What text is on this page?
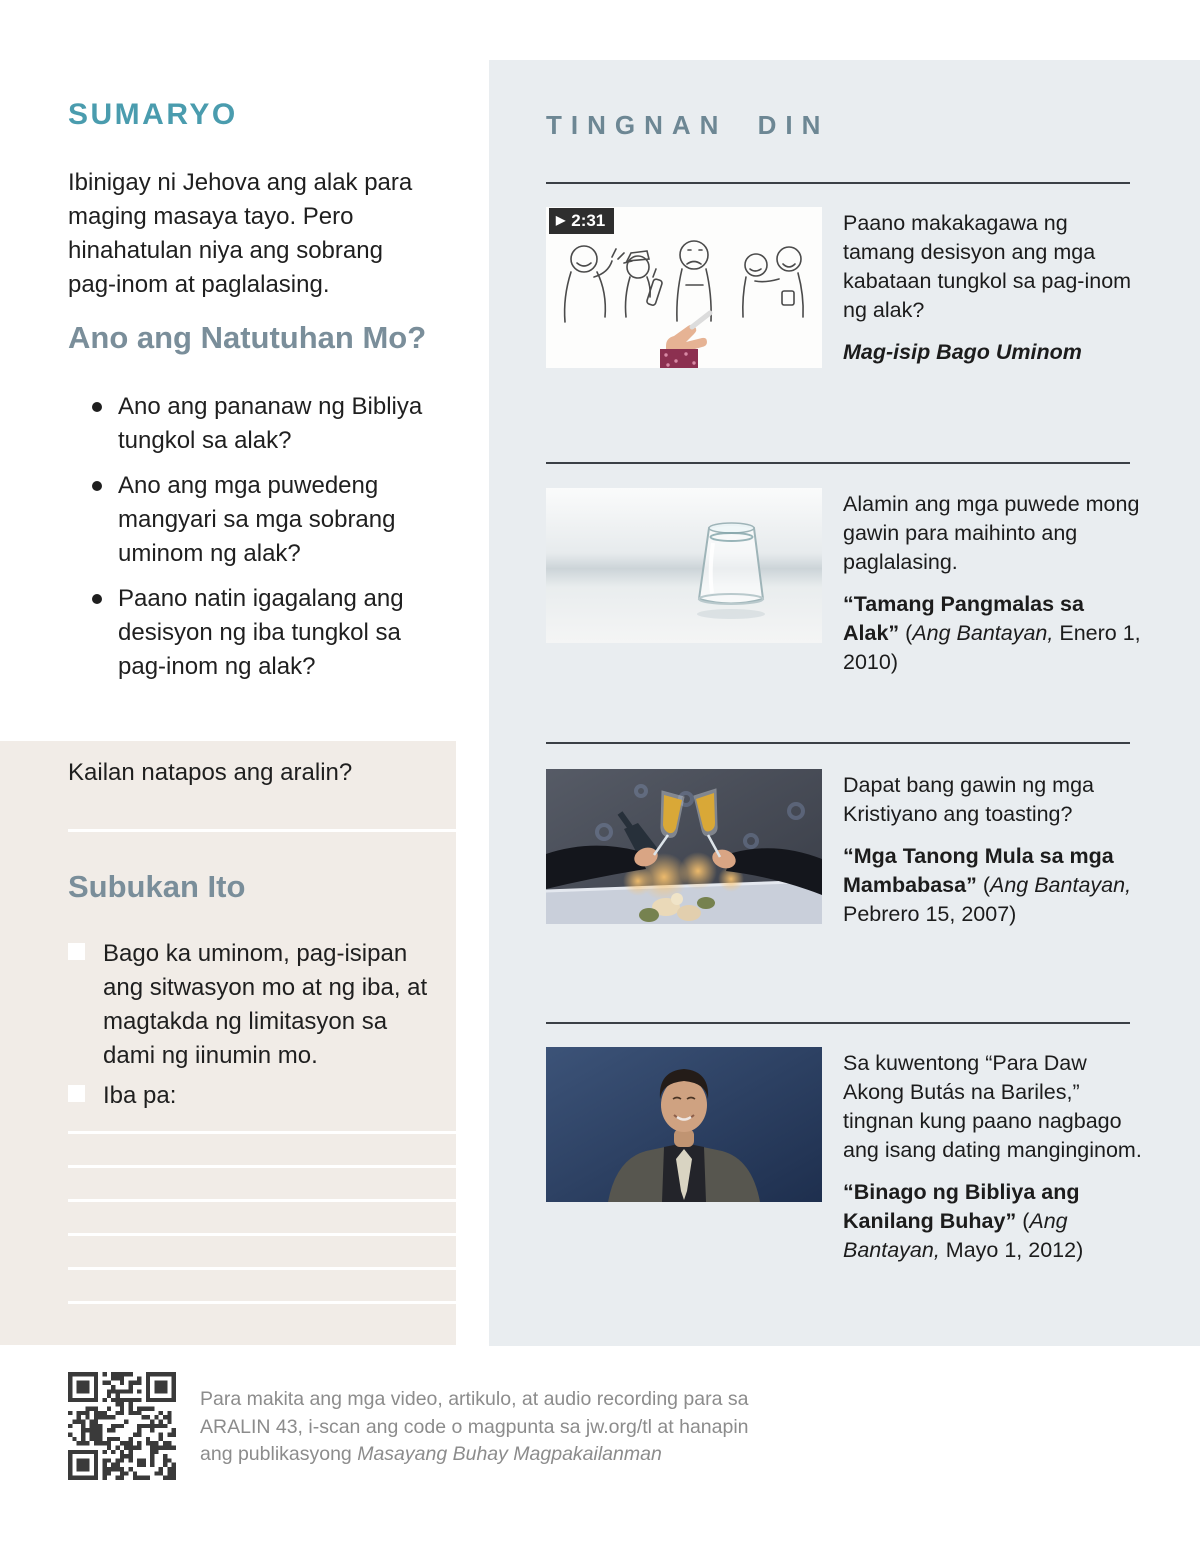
SUMARYO

Ibinigay ni Jehova ang alak para maging masaya tayo. Pero hinahatulan niya ang sobrang pag-inom at paglalasing.

Ano ang Natutuhan Mo?
Ano ang pananaw ng Bibliya tungkol sa alak?
Ano ang mga puwedeng mangyari sa mga sobrang uminom ng alak?
Paano natin igagalang ang desisyon ng iba tungkol sa pag-inom ng alak?

Kailan natapos ang aralin?

Subukan Ito
Bago ka uminom, pag-isipan ang sitwasyon mo at ng iba, at magtakda ng limitasyon sa dami ng iinumin mo.
Iba pa:
TINGNAN DIN
▶ 2:31	Paano makakagawa ng tamang desisyon ang mga kabataan tungkol sa pag-inom ng alak?

Mag-isip Bago Uminom

Alamin ang mga puwede mong gawin para maihinto ang paglalasing.

“Tamang Pangmalas sa Alak” (Ang Bantayan, Enero 1, 2010)

Dapat bang gawin ng mga Kristiyano ang toasting?

“Mga Tanong Mula sa mga Mambabasa” (Ang Bantayan, Pebrero 15, 2007)

Sa kuwentong “Para Daw Akong Butás na Bariles,” tingnan kung paano nagbago ang isang dating manginginom.

“Binago ng Bibliya ang Kanilang Buhay” (Ang Bantayan, Mayo 1, 2012)

Para makita ang mga video, artikulo, at audio recording para sa ARALIN 43, i-scan ang code o magpunta sa jw.org/tl at hanapin ang publikasyong Masayang Buhay Magpakailanman
